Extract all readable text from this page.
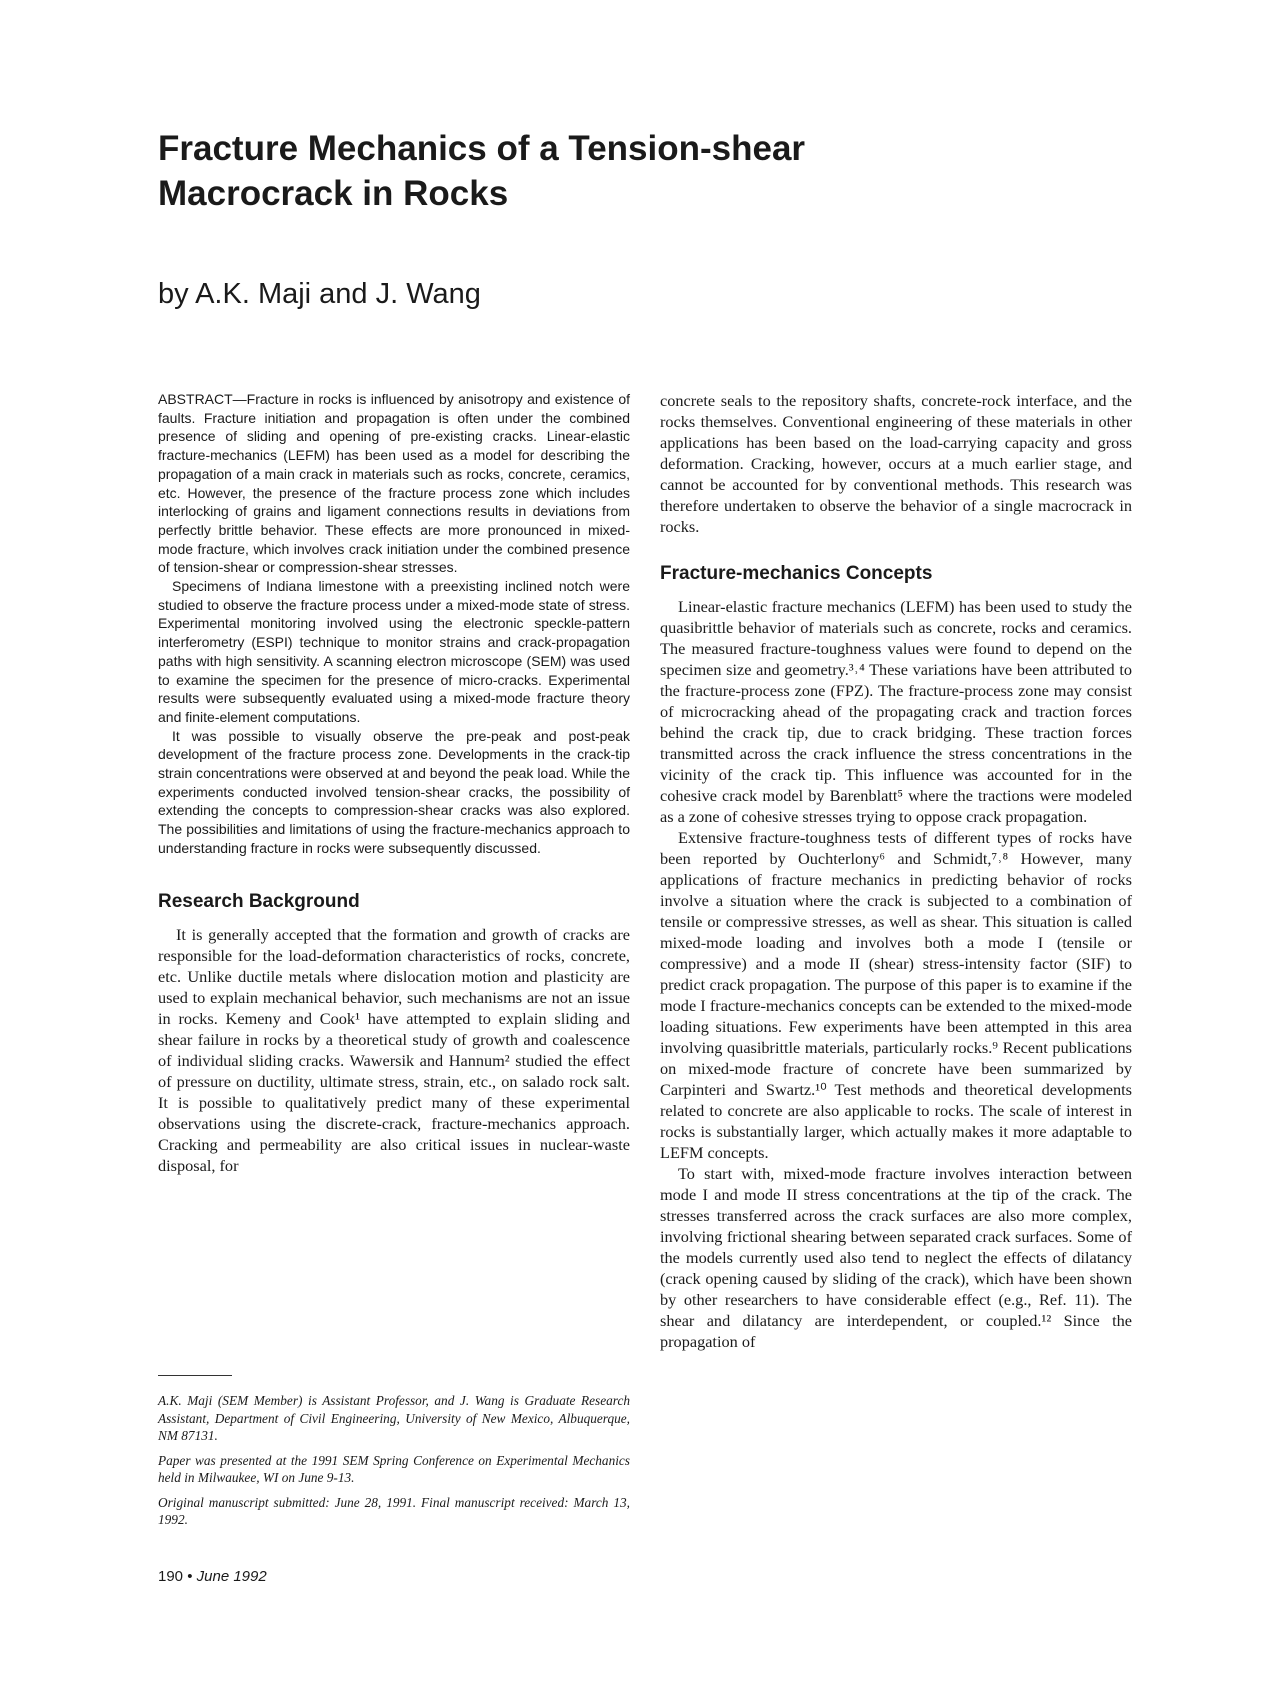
Fracture Mechanics of a Tension-shear Macrocrack in Rocks

by A.K. Maji and J. Wang

ABSTRACT—Fracture in rocks is influenced by anisotropy and existence of faults. Fracture initiation and propagation is often under the combined presence of sliding and opening of pre-existing cracks. Linear-elastic fracture-mechanics (LEFM) has been used as a model for describing the propagation of a main crack in materials such as rocks, concrete, ceramics, etc. However, the presence of the fracture process zone which includes interlocking of grains and ligament connections results in deviations from perfectly brittle behavior. These effects are more pronounced in mixed-mode fracture, which involves crack initiation under the combined presence of tension-shear or compression-shear stresses.

Specimens of Indiana limestone with a preexisting inclined notch were studied to observe the fracture process under a mixed-mode state of stress. Experimental monitoring involved using the electronic speckle-pattern interferometry (ESPI) technique to monitor strains and crack-propagation paths with high sensitivity. A scanning electron microscope (SEM) was used to examine the specimen for the presence of micro-cracks. Experimental results were subsequently evaluated using a mixed-mode fracture theory and finite-element computations.

It was possible to visually observe the pre-peak and post-peak development of the fracture process zone. Developments in the crack-tip strain concentrations were observed at and beyond the peak load. While the experiments conducted involved tension-shear cracks, the possibility of extending the concepts to compression-shear cracks was also explored. The possibilities and limitations of using the fracture-mechanics approach to understanding fracture in rocks were subsequently discussed.

Research Background

It is generally accepted that the formation and growth of cracks are responsible for the load-deformation characteristics of rocks, concrete, etc. Unlike ductile metals where dislocation motion and plasticity are used to explain mechanical behavior, such mechanisms are not an issue in rocks. Kemeny and Cook¹ have attempted to explain sliding and shear failure in rocks by a theoretical study of growth and coalescence of individual sliding cracks. Wawersik and Hannum² studied the effect of pressure on ductility, ultimate stress, strain, etc., on salado rock salt. It is possible to qualitatively predict many of these experimental observations using the discrete-crack, fracture-mechanics approach. Cracking and permeability are also critical issues in nuclear-waste disposal, for

A.K. Maji (SEM Member) is Assistant Professor, and J. Wang is Graduate Research Assistant, Department of Civil Engineering, University of New Mexico, Albuquerque, NM 87131.

Paper was presented at the 1991 SEM Spring Conference on Experimental Mechanics held in Milwaukee, WI on June 9-13.

Original manuscript submitted: June 28, 1991. Final manuscript received: March 13, 1992.

concrete seals to the repository shafts, concrete-rock interface, and the rocks themselves. Conventional engineering of these materials in other applications has been based on the load-carrying capacity and gross deformation. Cracking, however, occurs at a much earlier stage, and cannot be accounted for by conventional methods. This research was therefore undertaken to observe the behavior of a single macrocrack in rocks.

Fracture-mechanics Concepts

Linear-elastic fracture mechanics (LEFM) has been used to study the quasibrittle behavior of materials such as concrete, rocks and ceramics. The measured fracture-toughness values were found to depend on the specimen size and geometry.³˒⁴ These variations have been attributed to the fracture-process zone (FPZ). The fracture-process zone may consist of microcracking ahead of the propagating crack and traction forces behind the crack tip, due to crack bridging. These traction forces transmitted across the crack influence the stress concentrations in the vicinity of the crack tip. This influence was accounted for in the cohesive crack model by Barenblatt⁵ where the tractions were modeled as a zone of cohesive stresses trying to oppose crack propagation.

Extensive fracture-toughness tests of different types of rocks have been reported by Ouchterlony⁶ and Schmidt,⁷˒⁸ However, many applications of fracture mechanics in predicting behavior of rocks involve a situation where the crack is subjected to a combination of tensile or compressive stresses, as well as shear. This situation is called mixed-mode loading and involves both a mode I (tensile or compressive) and a mode II (shear) stress-intensity factor (SIF) to predict crack propagation. The purpose of this paper is to examine if the mode I fracture-mechanics concepts can be extended to the mixed-mode loading situations. Few experiments have been attempted in this area involving quasibrittle materials, particularly rocks.⁹ Recent publications on mixed-mode fracture of concrete have been summarized by Carpinteri and Swartz.¹⁰ Test methods and theoretical developments related to concrete are also applicable to rocks. The scale of interest in rocks is substantially larger, which actually makes it more adaptable to LEFM concepts.

To start with, mixed-mode fracture involves interaction between mode I and mode II stress concentrations at the tip of the crack. The stresses transferred across the crack surfaces are also more complex, involving frictional shearing between separated crack surfaces. Some of the models currently used also tend to neglect the effects of dilatancy (crack opening caused by sliding of the crack), which have been shown by other researchers to have considerable effect (e.g., Ref. 11). The shear and dilatancy are interdependent, or coupled.¹² Since the propagation of

190 • June 1992
